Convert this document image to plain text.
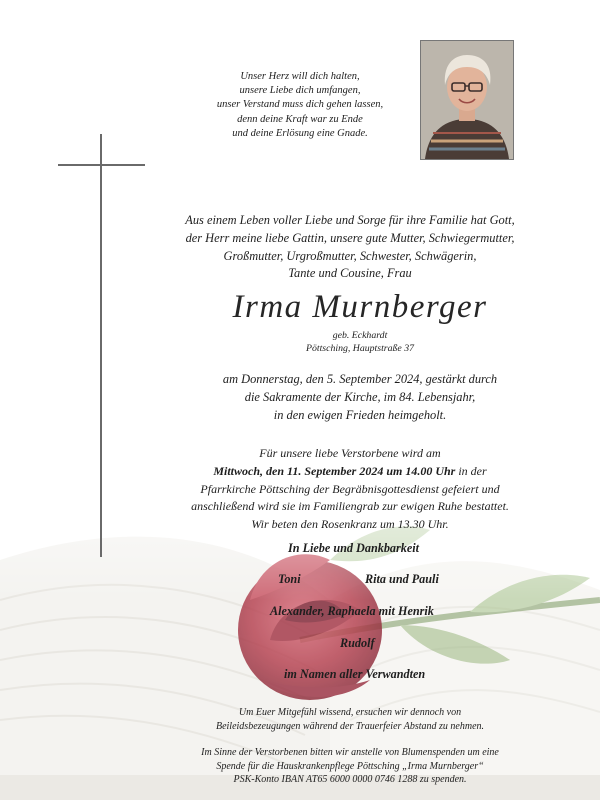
Unser Herz will dich halten,
unsere Liebe dich umfangen,
unser Verstand muss dich gehen lassen,
denn deine Kraft war zu Ende
und deine Erlösung eine Gnade.
Aus einem Leben voller Liebe und Sorge für ihre Familie hat Gott,
der Herr meine liebe Gattin, unsere gute Mutter, Schwiegermutter,
Großmutter, Urgroßmutter, Schwester, Schwägerin,
Tante und Cousine, Frau
Irma Murnberger
geb. Eckhardt
Pöttsching, Hauptstraße 37
am Donnerstag, den 5. September 2024, gestärkt durch
die Sakramente der Kirche, im 84. Lebensjahr,
in den ewigen Frieden heimgeholt.
Für unsere liebe Verstorbene wird am
Mittwoch, den 11. September 2024 um 14.00 Uhr in der
Pfarrkirche Pöttsching der Begräbnisgottesdienst gefeiert und
anschließend wird sie im Familiengrab zur ewigen Ruhe bestattet.
Wir beten den Rosenkranz um 13.30 Uhr.
In Liebe und Dankbarkeit
Toni	Rita und Pauli
Alexander, Raphaela mit Henrik
Rudolf
im Namen aller Verwandten
Um Euer Mitgefühl wissend, ersuchen wir dennoch von
Beileidsbezeugungen während der Trauerfeier Abstand zu nehmen.
Im Sinne der Verstorbenen bitten wir anstelle von Blumenspenden um eine
Spende für die Hauskrankenpflege Pöttsching „Irma Murnberger“
PSK-Konto IBAN AT65 6000 0000 0746 1288 zu spenden.
